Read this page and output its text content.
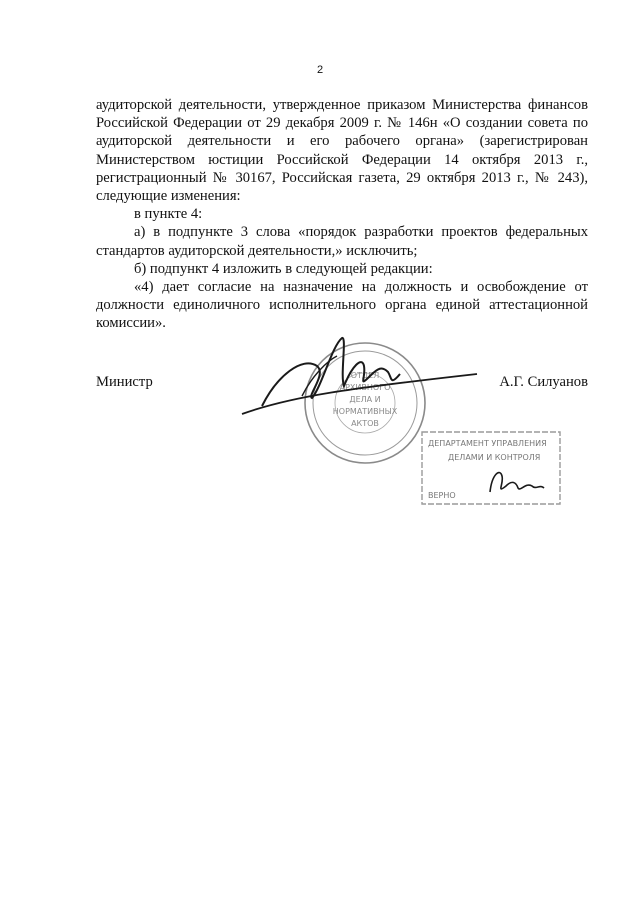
2

аудиторской деятельности, утвержденное приказом Министерства финансов Российской Федерации от 29 декабря 2009 г. № 146н «О создании совета по аудиторской деятельности и его рабочего органа» (зарегистрирован Министерством юстиции Российской Федерации 14 октября 2013 г., регистрационный № 30167, Российская газета, 29 октября 2013 г., № 243), следующие изменения:

в пункте 4:

а) в подпункте 3 слова «порядок разработки проектов федеральных стандартов аудиторской деятельности,» исключить;

б) подпункт 4 изложить в следующей редакции:

«4) дает согласие на назначение на должность и освобождение от должности единоличного исполнительного органа единой аттестационной комиссии».

ОТДЕЛ
АРХИВНОГО
ДЕЛА И
НОРМАТИВНЫХ
АКТОВ
Министр	А.Г. Силуанов
ДЕПАРТАМЕНТ УПРАВЛЕНИЯ
ДЕЛАМИ И КОНТРОЛЯ
ВЕРНО
